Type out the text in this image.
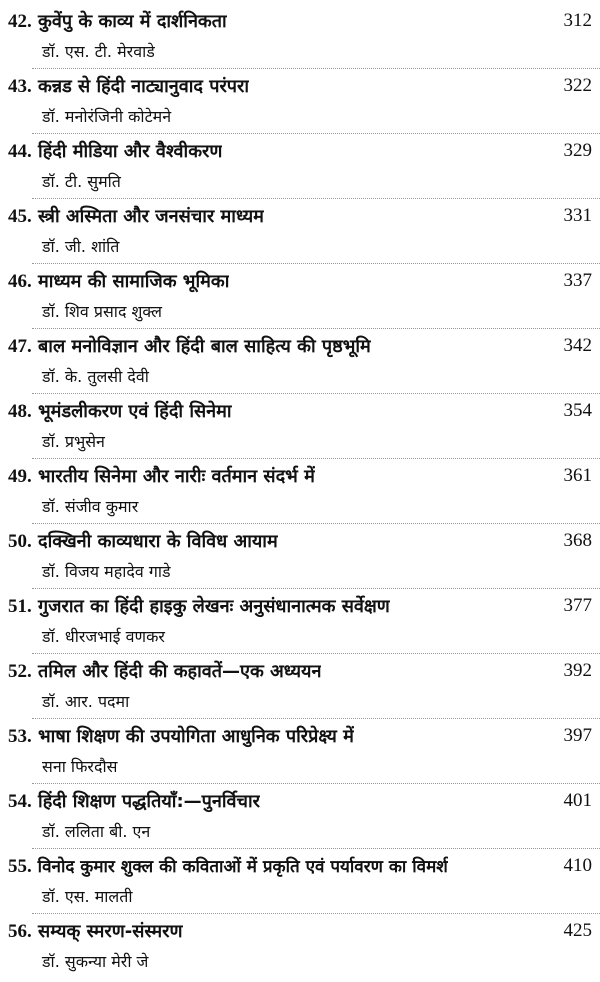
42. कुवेंपु के काव्य में दार्शनिकता	312
डॉ. एस. टी. मेरवाडे
43. कन्नड से हिंदी नाट्यानुवाद परंपरा	322
डॉ. मनोरंजिनी कोटेमने
44. हिंदी मीडिया और वैश्वीकरण	329
डॉ. टी. सुमति
45. स्त्री अस्मिता और जनसंचार माध्यम	331
डॉ. जी. शांति
46. माध्यम की सामाजिक भूमिका	337
डॉ. शिव प्रसाद शुक्ल
47. बाल मनोविज्ञान और हिंदी बाल साहित्य की पृष्ठभूमि	342
डॉ. के. तुलसी देवी
48. भूमंडलीकरण एवं हिंदी सिनेमा	354
डॉ. प्रभुसेन
49. भारतीय सिनेमा और नारीः वर्तमान संदर्भ में	361
डॉ. संजीव कुमार
50. दक्खिनी काव्यधारा के विविध आयाम	368
डॉ. विजय महादेव गाडे
51. गुजरात का हिंदी हाइकु लेखनः अनुसंधानात्मक सर्वेक्षण	377
डॉ. धीरजभाई वणकर
52. तमिल और हिंदी की कहावतें—एक अध्ययन	392
डॉ. आर. पदमा
53. भाषा शिक्षण की उपयोगिता आधुनिक परिप्रेक्ष्य में	397
सना फिरदौस
54. हिंदी शिक्षण पद्धतियाँ:—पुनर्विचार	401
डॉ. ललिता बी. एन
55. विनोद कुमार शुक्ल की कविताओं में प्रकृति एवं पर्यावरण का विमर्श	410
डॉ. एस. मालती
56. सम्यक् स्मरण-संस्मरण	425
डॉ. सुकन्या मेरी जे
